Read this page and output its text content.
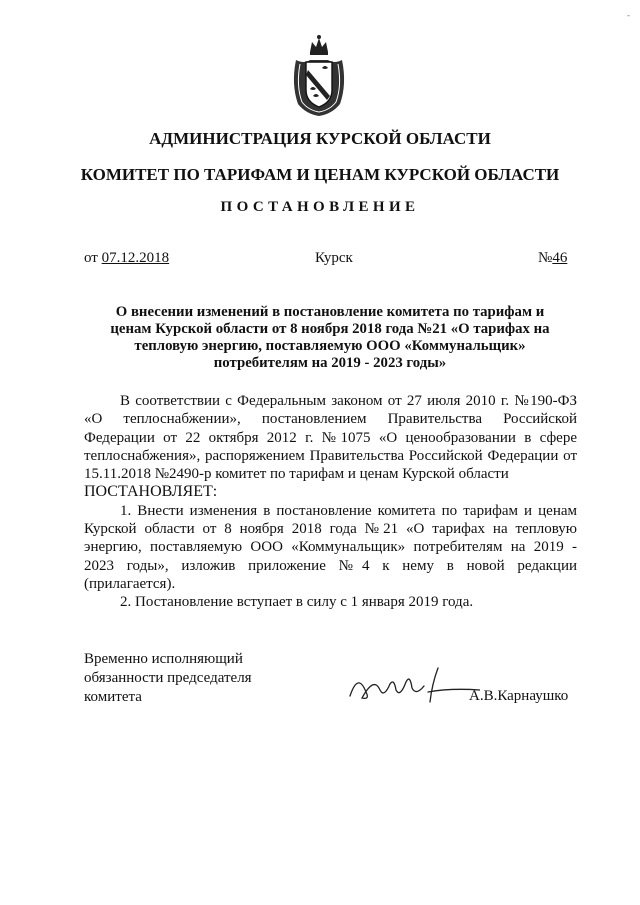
-
АДМИНИСТРАЦИЯ КУРСКОЙ ОБЛАСТИ
КОМИТЕТ ПО ТАРИФАМ И ЦЕНАМ КУРСКОЙ ОБЛАСТИ
ПОСТАНОВЛЕНИЕ
от 07.12.2018	Курск	№46
О внесении изменений в постановление комитета по тарифам и
ценам Курской области от 8 ноября 2018 года №21 «О тарифах на
тепловую энергию, поставляемую ООО «Коммунальщик»
потребителям на 2019 - 2023 годы»

В соответствии с Федеральным законом от 27 июля 2010 г. №190-ФЗ «О теплоснабжении», постановлением Правительства Российской Федерации от 22 октября 2012 г. №1075 «О ценообразовании в сфере теплоснабжения», распоряжением Правительства Российской Федерации от 15.11.2018 №2490-р комитет по тарифам и ценам Курской области

ПОСТАНОВЛЯЕТ:

1. Внести изменения в постановление комитета по тарифам и ценам Курской области от 8 ноября 2018 года №21 «О тарифах на тепловую энергию, поставляемую ООО «Коммунальщик» потребителям на 2019 - 2023 годы», изложив приложение №4 к нему в новой редакции (прилагается).

2. Постановление вступает в силу с 1 января 2019 года.

Временно исполняющий
обязанности председателя
комитета	А.В.Карнаушко
